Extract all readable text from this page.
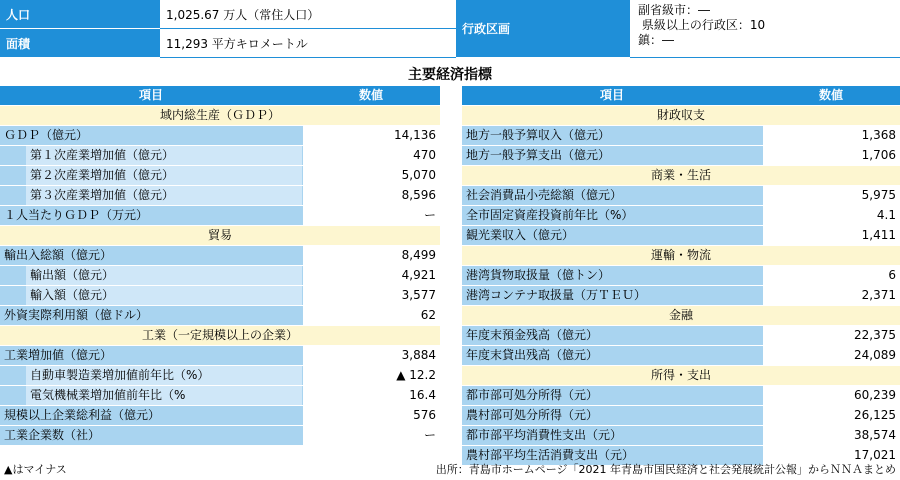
人口	1,025.67 万人（常住人口）
面積	11,293 平方キロメートル
行政区画
副省級市：―
県級以上の行政区：10
鎮：―
主要経済指標
項目		数値
域内総生産（ＧＤＰ）		
ＧＤＰ（億元）		14,136
	第１次産業増加値（億元）	470
	第２次産業増加値（億元）	5,070
	第３次産業増加値（億元）	8,596
１人当たりＧＤＰ（万元）		ー
貿易		
輸出入総額（億元）		8,499
	輸出額（億元）	4,921
	輸入額（億元）	3,577
外資実際利用額（億ドル）		62
工業（一定規模以上の企業）		
工業増加値（億元）		3,884
	自動車製造業増加値前年比（%）	▲ 12.2
	電気機械業増加値前年比（%	16.4
規模以上企業総利益（億元）		576
工業企業数（社）		ー
項目	数値
財政収支	
地方一般予算収入（億元）	1,368
地方一般予算支出（億元）	1,706
商業・生活	
社会消費品小売総額（億元）	5,975
全市固定資産投資前年比（%）	4.1
観光業収入（億元）	1,411
運輸・物流	
港湾貨物取扱量（億トン）	6
港湾コンテナ取扱量（万ＴＥＵ）	2,371
金融	
年度末預金残高（億元）	22,375
年度末貸出残高（億元）	24,089
所得・支出	
都市部可処分所得（元）	60,239
農村部可処分所得（元）	26,125
都市部平均消費性支出（元）	38,574
農村部平均生活消費支出（元）	17,021
▲はマイナス	出所：青島市ホームページ「2021 年青島市国民経済と社会発展統計公報」からＮＮＡまとめ
